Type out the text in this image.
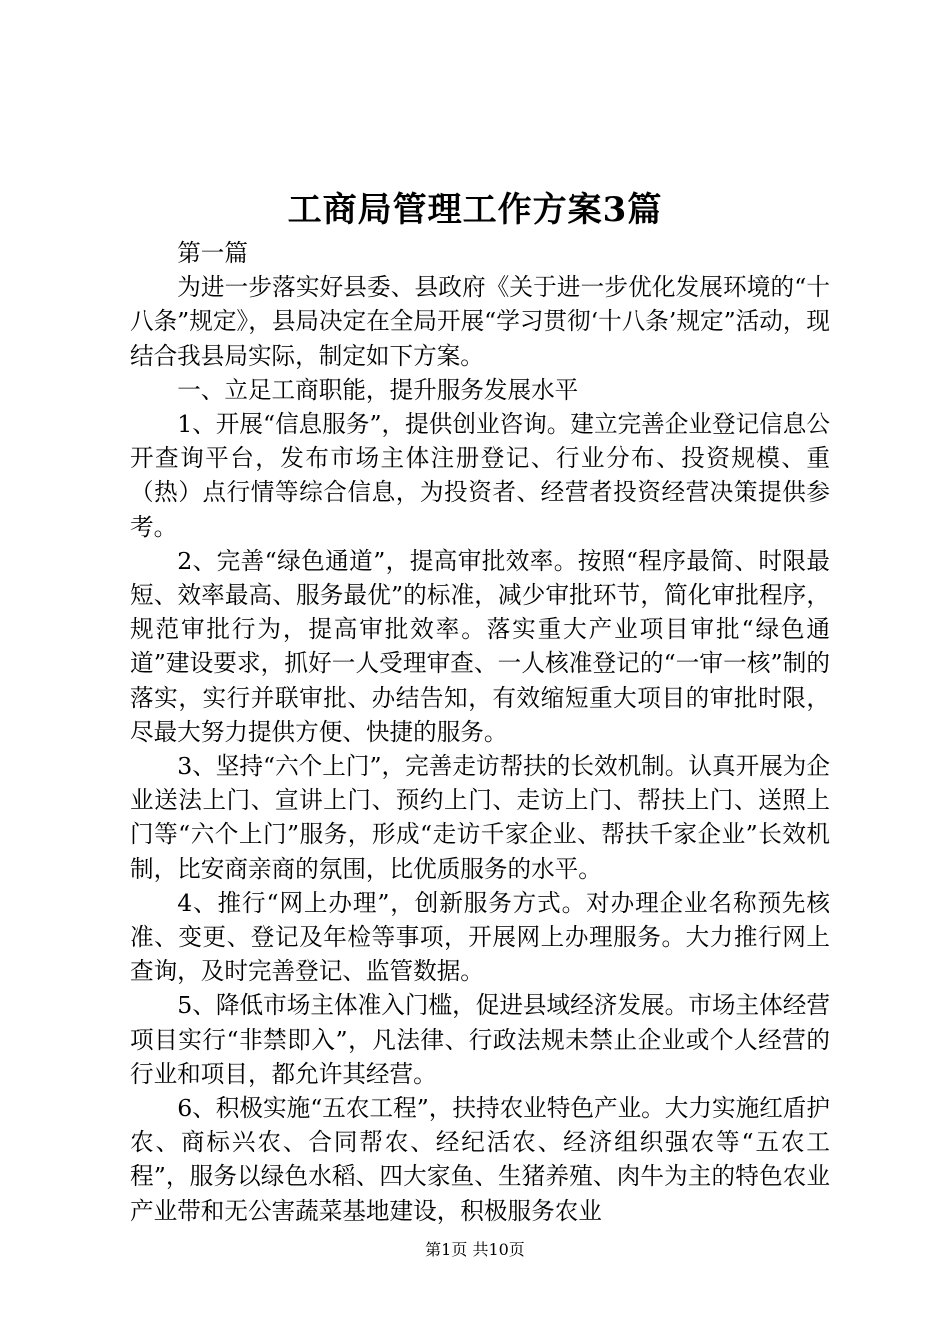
工商局管理工作方案3篇

第一篇

为进一步落实好县委、县政府《关于进一步优化发展环境的“十八条”规定》，县局决定在全局开展“学习贯彻‘十八条’规定”活动，现结合我县局实际，制定如下方案。

一、立足工商职能，提升服务发展水平

1、开展“信息服务”，提供创业咨询。建立完善企业登记信息公开查询平台，发布市场主体注册登记、行业分布、投资规模、重（热）点行情等综合信息，为投资者、经营者投资经营决策提供参考。

2、完善“绿色通道”，提高审批效率。按照“程序最简、时限最短、效率最高、服务最优”的标准，减少审批环节，简化审批程序，规范审批行为，提高审批效率。落实重大产业项目审批“绿色通道”建设要求，抓好一人受理审查、一人核准登记的“一审一核”制的落实，实行并联审批、办结告知，有效缩短重大项目的审批时限，尽最大努力提供方便、快捷的服务。

3、坚持“六个上门”，完善走访帮扶的长效机制。认真开展为企业送法上门、宣讲上门、预约上门、走访上门、帮扶上门、送照上门等“六个上门”服务，形成“走访千家企业、帮扶千家企业”长效机制，比安商亲商的氛围，比优质服务的水平。

4、推行“网上办理”，创新服务方式。对办理企业名称预先核准、变更、登记及年检等事项，开展网上办理服务。大力推行网上查询，及时完善登记、监管数据。

5、降低市场主体准入门槛，促进县域经济发展。市场主体经营项目实行“非禁即入”，凡法律、行政法规未禁止企业或个人经营的行业和项目，都允许其经营。

6、积极实施“五农工程”，扶持农业特色产业。大力实施红盾护农、商标兴农、合同帮农、经纪活农、经济组织强农等“五农工程”，服务以绿色水稻、四大家鱼、生猪养殖、肉牛为主的特色农业产业带和无公害蔬菜基地建设，积极服务农业

第1页 共10页
